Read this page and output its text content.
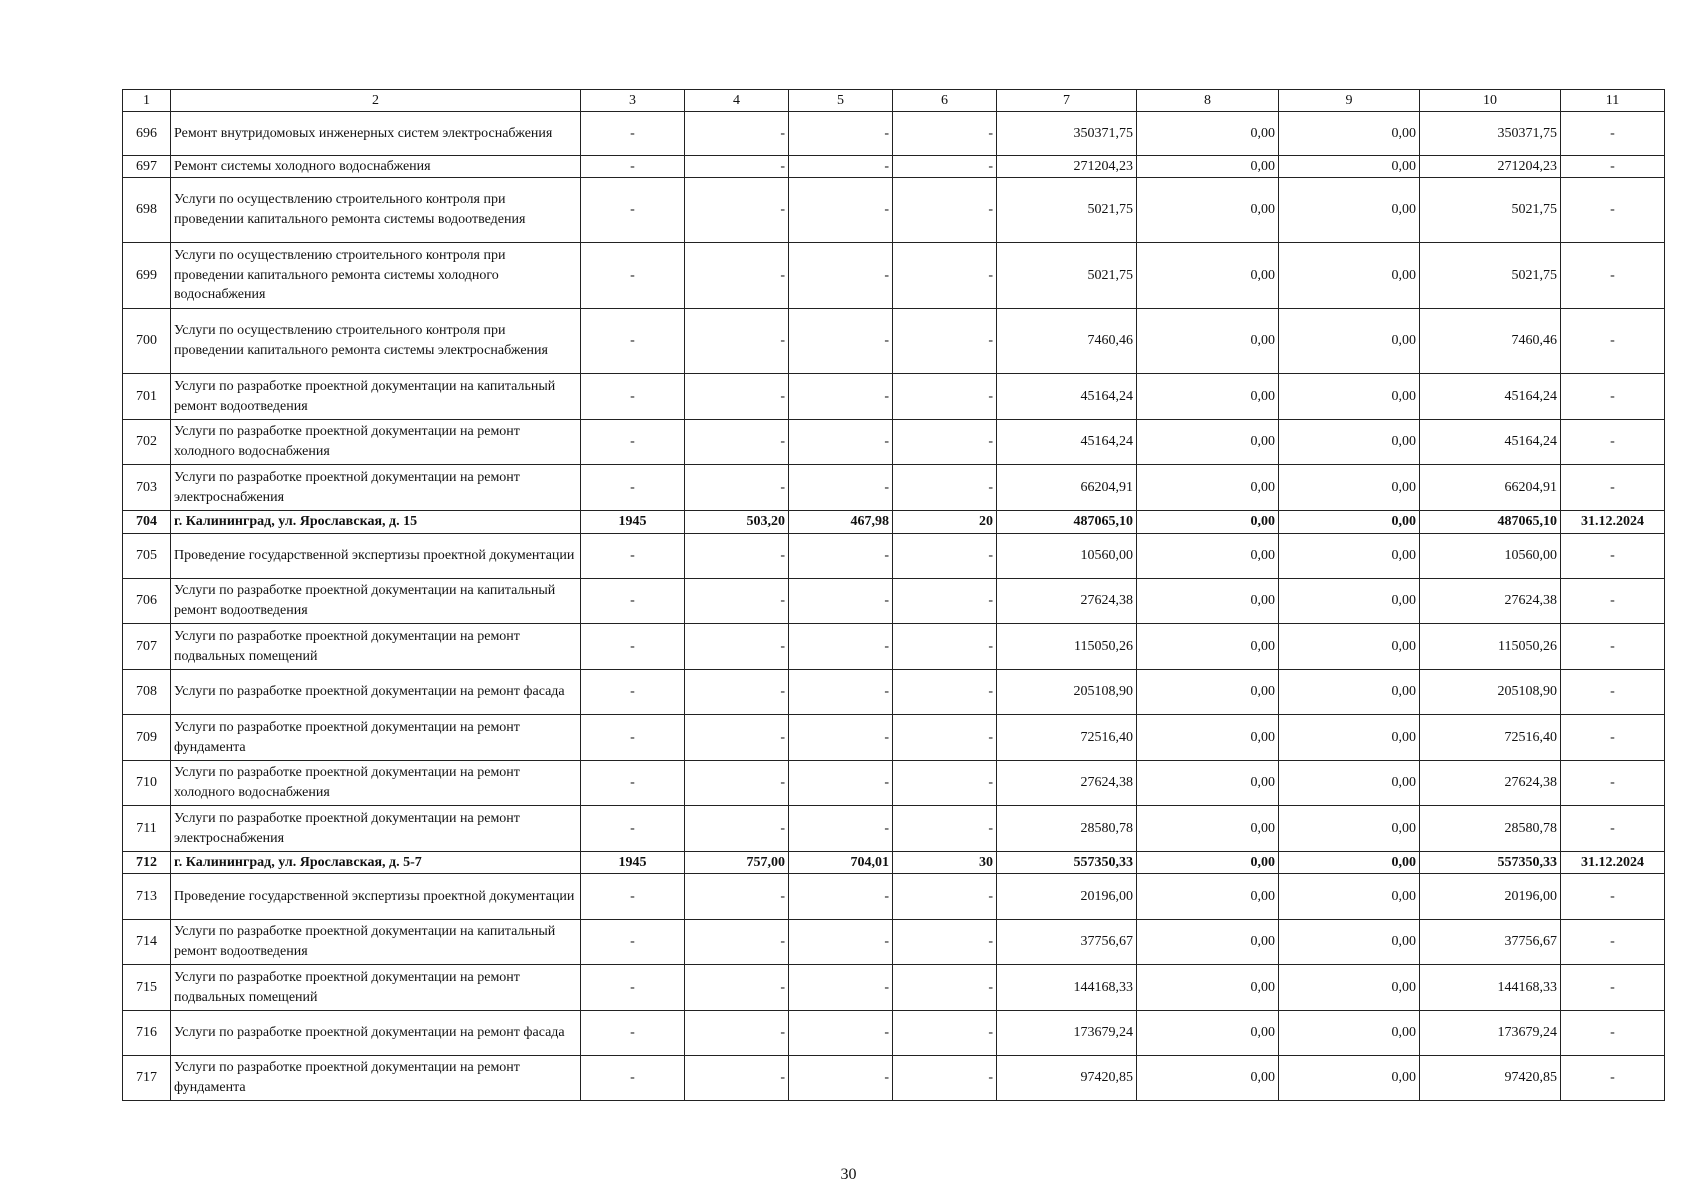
1	2	3	4	5	6	7	8	9	10	11
696	Ремонт внутридомовых инженерных систем электроснабжения	-	-	-	-	350371,75	0,00	0,00	350371,75	-
697	Ремонт системы холодного водоснабжения	-	-	-	-	271204,23	0,00	0,00	271204,23	-
698	Услуги по осуществлению строительного контроля при проведении капитального ремонта системы водоотведения	-	-	-	-	5021,75	0,00	0,00	5021,75	-
699	Услуги по осуществлению строительного контроля при проведении капитального ремонта системы холодного водоснабжения	-	-	-	-	5021,75	0,00	0,00	5021,75	-
700	Услуги по осуществлению строительного контроля при проведении капитального ремонта системы электроснабжения	-	-	-	-	7460,46	0,00	0,00	7460,46	-
701	Услуги по разработке проектной документации на капитальный ремонт водоотведения	-	-	-	-	45164,24	0,00	0,00	45164,24	-
702	Услуги по разработке проектной документации на ремонт холодного водоснабжения	-	-	-	-	45164,24	0,00	0,00	45164,24	-
703	Услуги по разработке проектной документации на ремонт электроснабжения	-	-	-	-	66204,91	0,00	0,00	66204,91	-
704	г. Калининград, ул. Ярославская, д. 15	1945	503,20	467,98	20	487065,10	0,00	0,00	487065,10	31.12.2024
705	Проведение государственной экспертизы проектной документации	-	-	-	-	10560,00	0,00	0,00	10560,00	-
706	Услуги по разработке проектной документации на капитальный ремонт водоотведения	-	-	-	-	27624,38	0,00	0,00	27624,38	-
707	Услуги по разработке проектной документации на ремонт подвальных помещений	-	-	-	-	115050,26	0,00	0,00	115050,26	-
708	Услуги по разработке проектной документации на ремонт фасада	-	-	-	-	205108,90	0,00	0,00	205108,90	-
709	Услуги по разработке проектной документации на ремонт фундамента	-	-	-	-	72516,40	0,00	0,00	72516,40	-
710	Услуги по разработке проектной документации на ремонт холодного водоснабжения	-	-	-	-	27624,38	0,00	0,00	27624,38	-
711	Услуги по разработке проектной документации на ремонт электроснабжения	-	-	-	-	28580,78	0,00	0,00	28580,78	-
712	г. Калининград, ул. Ярославская, д. 5-7	1945	757,00	704,01	30	557350,33	0,00	0,00	557350,33	31.12.2024
713	Проведение государственной экспертизы проектной документации	-	-	-	-	20196,00	0,00	0,00	20196,00	-
714	Услуги по разработке проектной документации на капитальный ремонт водоотведения	-	-	-	-	37756,67	0,00	0,00	37756,67	-
715	Услуги по разработке проектной документации на ремонт подвальных помещений	-	-	-	-	144168,33	0,00	0,00	144168,33	-
716	Услуги по разработке проектной документации на ремонт фасада	-	-	-	-	173679,24	0,00	0,00	173679,24	-
717	Услуги по разработке проектной документации на ремонт фундамента	-	-	-	-	97420,85	0,00	0,00	97420,85	-
30
